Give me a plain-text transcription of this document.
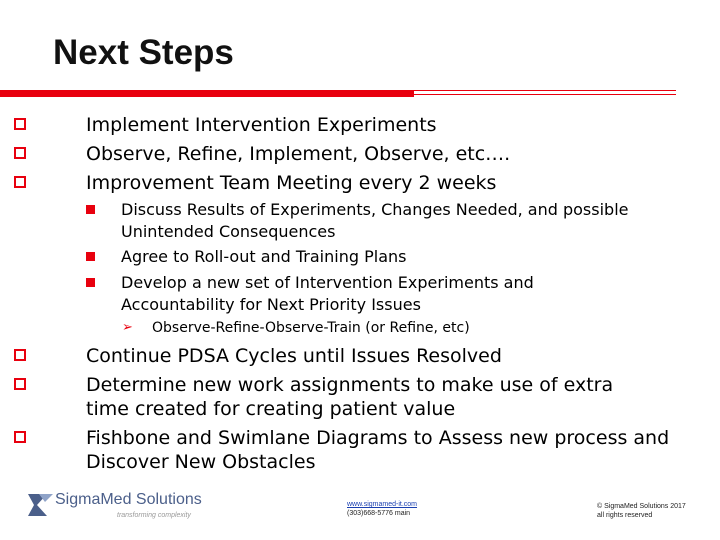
Next Steps
Implement Intervention Experiments
Observe, Refine, Implement, Observe, etc….
Improvement Team Meeting every 2 weeks
Discuss Results of Experiments, Changes Needed, and possible Unintended Consequences
Agree to Roll-out and Training Plans
Develop a new set of Intervention Experiments and Accountability for Next Priority Issues
➢ Observe-Refine-Observe-Train (or Refine, etc)
Continue PDSA Cycles until Issues Resolved
Determine new work assignments to make use of extra time created for creating patient value
Fishbone and Swimlane Diagrams to Assess new process and Discover New Obstacles
SigmaMed Solutions
transforming complexity
www.sigmamed-it.com
(303)668-5776 main
© SigmaMed Solutions 2017
all rights reserved
